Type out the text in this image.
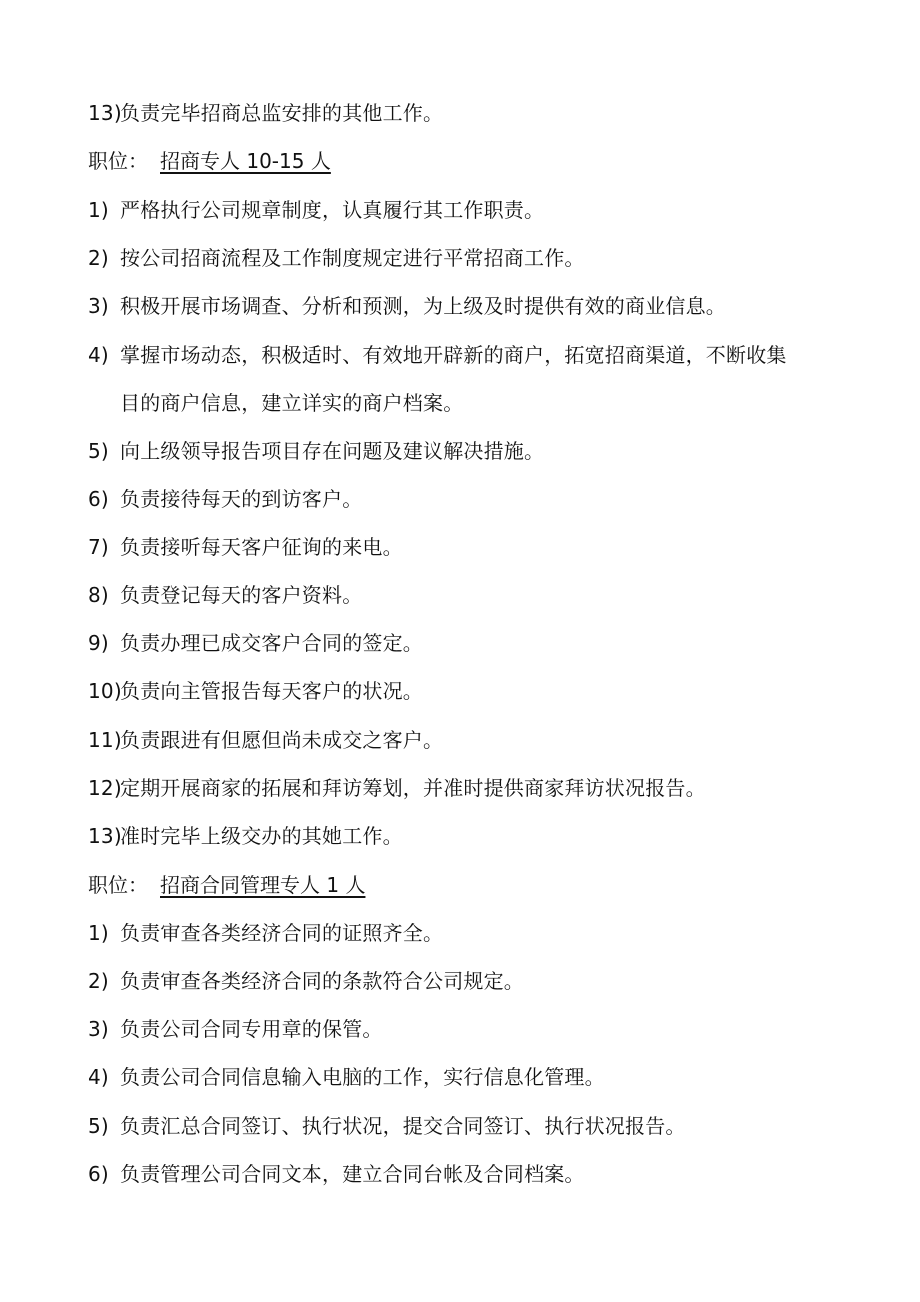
13)负责完毕招商总监安排的其他工作。
职位： 招商专人 10-15 人
1) 严格执行公司规章制度，认真履行其工作职责。
2) 按公司招商流程及工作制度规定进行平常招商工作。
3) 积极开展市场调查、分析和预测，为上级及时提供有效的商业信息。
4) 掌握市场动态，积极适时、有效地开辟新的商户，拓宽招商渠道，不断收集
目的商户信息，建立详实的商户档案。
5) 向上级领导报告项目存在问题及建议解决措施。
6) 负责接待每天的到访客户。
7) 负责接听每天客户征询的来电。
8) 负责登记每天的客户资料。
9) 负责办理已成交客户合同的签定。
10)负责向主管报告每天客户的状况。
11)负责跟进有但愿但尚未成交之客户。
12)定期开展商家的拓展和拜访筹划，并准时提供商家拜访状况报告。
13)准时完毕上级交办的其她工作。
职位： 招商合同管理专人 1 人
1) 负责审查各类经济合同的证照齐全。
2) 负责审查各类经济合同的条款符合公司规定。
3) 负责公司合同专用章的保管。
4) 负责公司合同信息输入电脑的工作，实行信息化管理。
5) 负责汇总合同签订、执行状况，提交合同签订、执行状况报告。
6) 负责管理公司合同文本，建立合同台帐及合同档案。
